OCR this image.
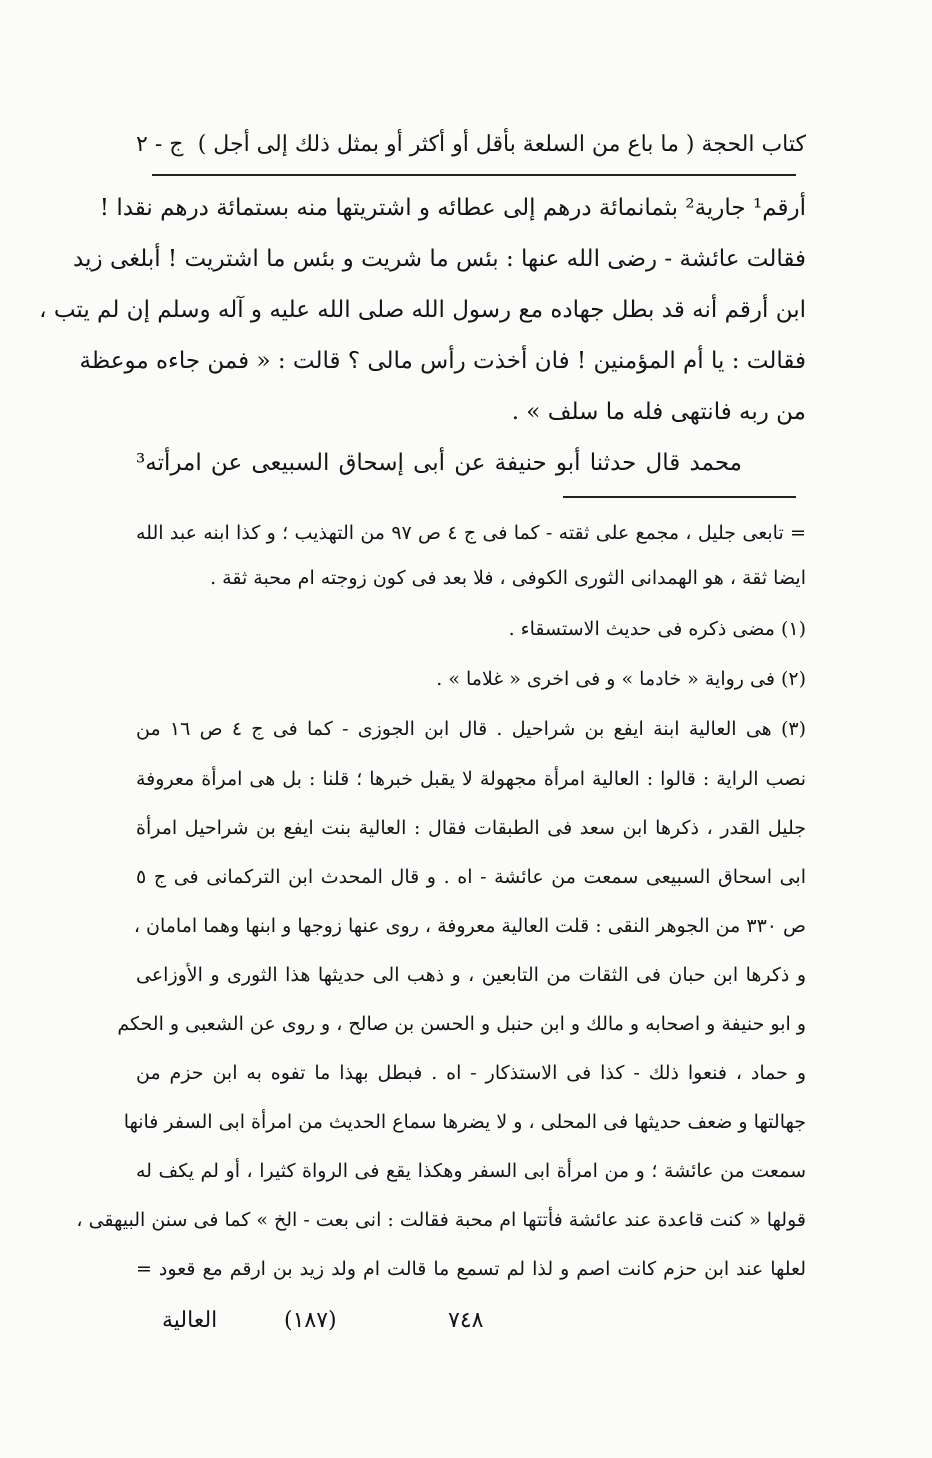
كتاب الحجة ( ما باع من السلعة بأقل أو أكثر أو بمثل ذلك إلى أجل )
ج - ٢
أرقم¹ جارية² بثمانمائة درهم إلى عطائه و اشتريتها منه بستمائة درهم نقدا !
فقالت عائشة - رضى الله عنها : بئس ما شريت و بئس ما اشتريت ! أبلغى زيد
ابن أرقم أنه قد بطل جهاده مع رسول الله صلى الله عليه و آله وسلم إن لم يتب ،
فقالت : يا أم المؤمنين ! فان أخذت رأس مالى ؟ قالت : « فمن جاءه موعظة
من ربه فانتهى فله ما سلف » .
محمد قال حدثنا أبو حنيفة عن أبى إسحاق السبيعى عن امرأته³
= تابعى جليل ، مجمع على ثقته - كما فى ج ٤ ص ٩٧ من التهذيب ؛ و كذا ابنه عبد الله
ايضا ثقة ، هو الهمدانى الثورى الكوفى ، فلا بعد فى كون زوجته ام محبة ثقة .
(١) مضى ذكره فى حديث الاستسقاء .
(٢) فى رواية « خادما » و فى اخرى « غلاما » .
(٣) هى العالية ابنة ايفع بن شراحيل . قال ابن الجوزى - كما فى ج ٤ ص ١٦ من
نصب الراية : قالوا : العالية امرأة مجهولة لا يقبل خبرها ؛ قلنا : بل هى امرأة معروفة
جليل القدر ، ذكرها ابن سعد فى الطبقات فقال : العالية بنت ايفع بن شراحيل امرأة
ابى اسحاق السبيعى سمعت من عائشة - اه . و قال المحدث ابن التركمانى فى ج ٥
ص ٣٣٠ من الجوهر النقى : قلت العالية معروفة ، روى عنها زوجها و ابنها وهما امامان ،
و ذكرها ابن حبان فى الثقات من التابعين ، و ذهب الى حديثها هذا الثورى و الأوزاعى
و ابو حنيفة و اصحابه و مالك و ابن حنبل و الحسن بن صالح ، و روى عن الشعبى و الحكم
و حماد ، فنعوا ذلك - كذا فى الاستذكار - اه . فبطل بهذا ما تفوه به ابن حزم من
جهالتها و ضعف حديثها فى المحلى ، و لا يضرها سماع الحديث من امرأة ابى السفر فانها
سمعت من عائشة ؛ و من امرأة ابى السفر وهكذا يقع فى الرواة كثيرا ، أو لم يكف له
قولها « كنت قاعدة عند عائشة فأتتها ام محبة فقالت : انى بعت - الخ » كما فى سنن البيهقى ،
لعلها عند ابن حزم كانت اصم و لذا لم تسمع ما قالت ام ولد زيد بن ارقم مع قعود =
العالية	(١٨٧)	٧٤٨
